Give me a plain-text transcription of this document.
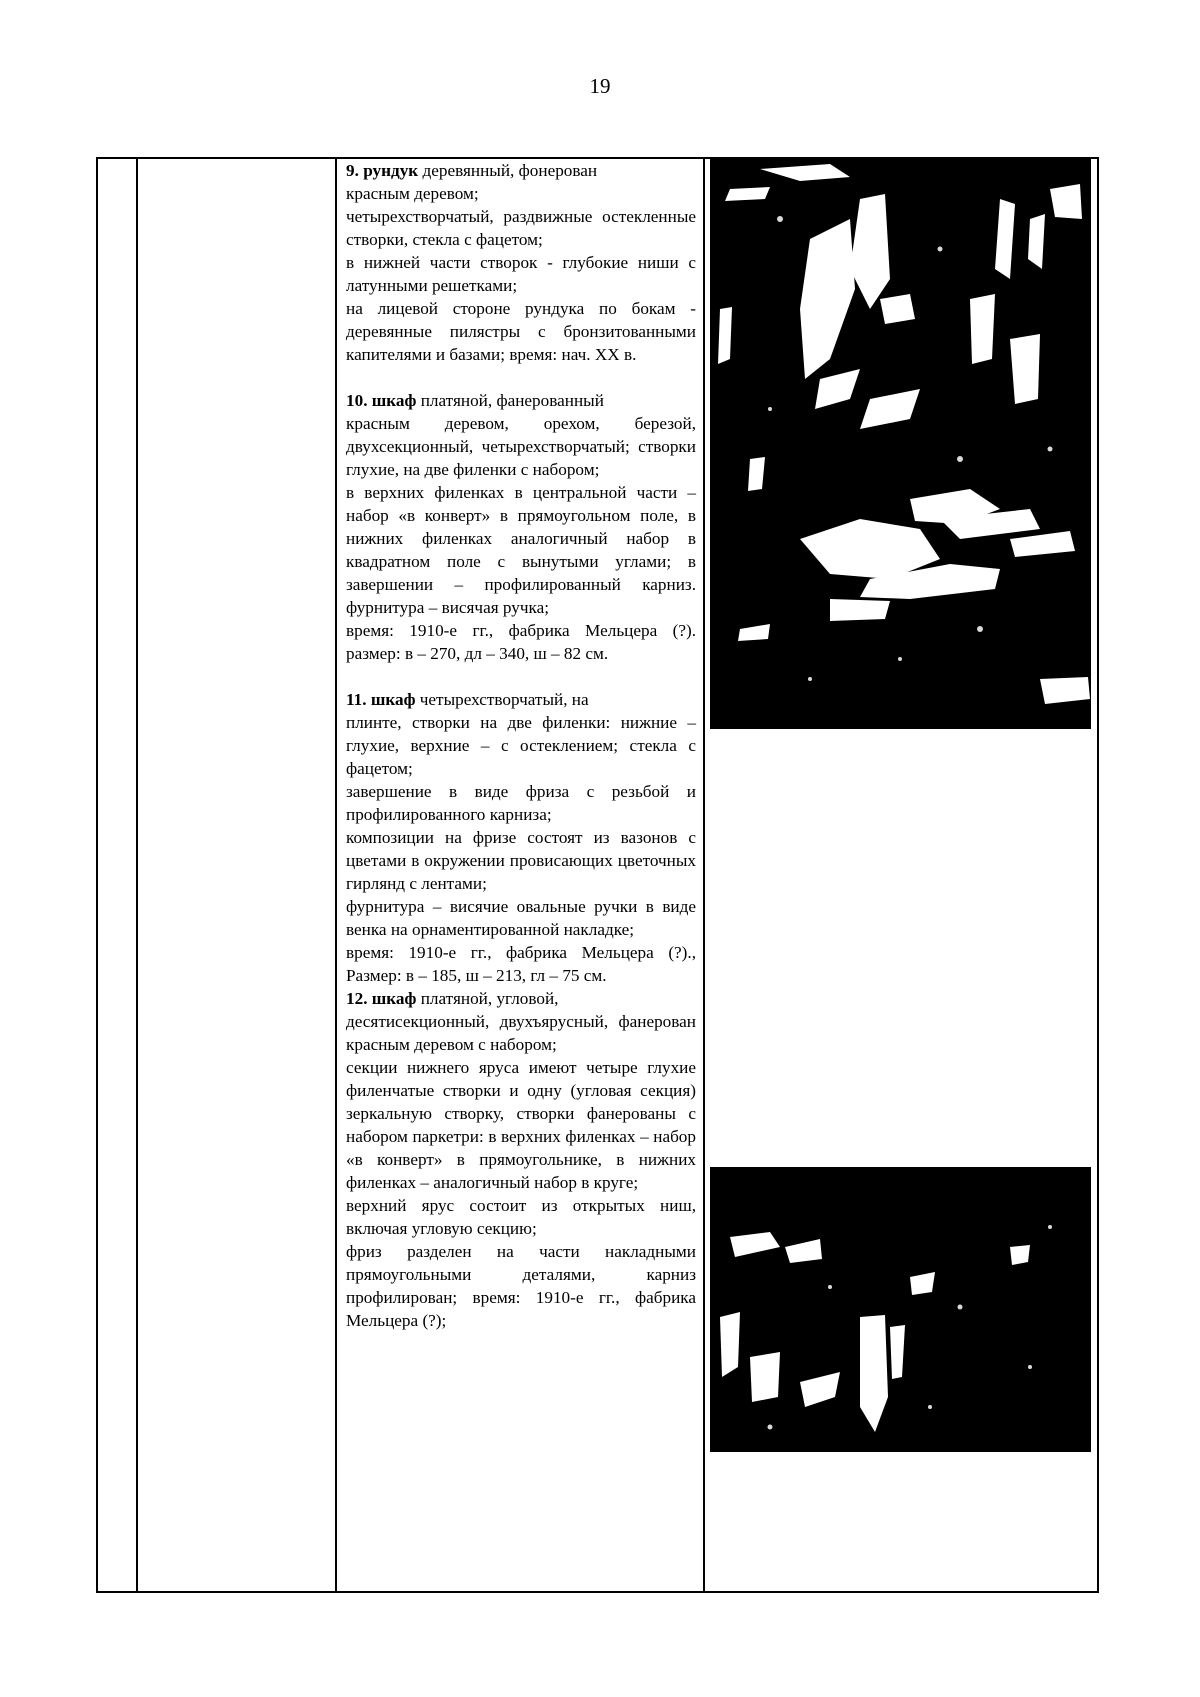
19

9. рундук деревянный, фонерован

красным деревом;

четырехстворчатый, раздвижные остекленные створки, стекла с фацетом;

в нижней части створок - глубокие ниши с латунными решетками;

на лицевой стороне рундука по бокам - деревянные пилястры с бронзитованными капителями и базами; время: нач. XX в.

10. шкаф платяной, фанерованный

красным деревом, орехом, березой, двухсекционный, четырехстворчатый; створки глухие, на две филенки с набором;

в верхних филенках в центральной части – набор «в конверт» в прямоугольном поле, в нижних филенках аналогичный набор в квадратном поле с вынутыми углами; в завершении – профилированный карниз. фурнитура – висячая ручка;

время: 1910-е гг., фабрика Мельцера (?). размер: в – 270, дл – 340, ш – 82 см.

11. шкаф четырехстворчатый, на

плинте, створки на две филенки: нижние – глухие, верхние – с остеклением; стекла с фацетом;

завершение в виде фриза с резьбой и профилированного карниза;

композиции на фризе состоят из вазонов с цветами в окружении провисающих цветочных гирлянд с лентами;

фурнитура – висячие овальные ручки в виде венка на орнаментированной накладке;

время: 1910-е гг., фабрика Мельцера (?)., Размер: в – 185, ш – 213, гл – 75 см.

12. шкаф платяной, угловой,

десятисекционный, двухъярусный, фанерован красным деревом с набором;

секции нижнего яруса имеют четыре глухие филенчатые створки и одну (угловая секция) зеркальную створку, створки фанерованы с набором паркетри: в верхних филенках – набор «в конверт» в прямоугольнике, в нижних филенках – аналогичный набор в круге;

верхний ярус состоит из открытых ниш, включая угловую секцию;

фриз разделен на части накладными прямоугольными деталями, карниз профилирован; время: 1910-е гг., фабрика Мельцера (?);
